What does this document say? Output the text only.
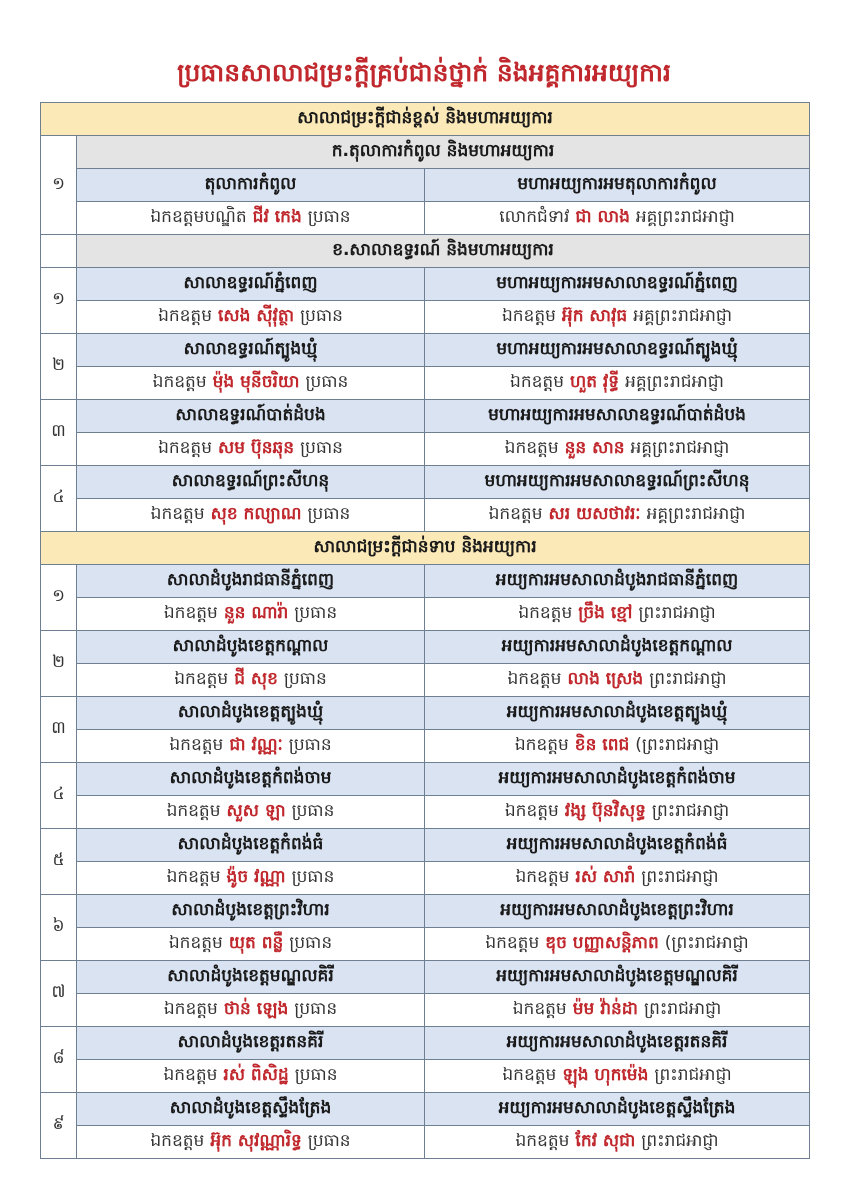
ប្រធានសាលាជម្រះក្ដីគ្រប់ជាន់ថ្នាក់ និងអគ្គការអយ្យការ
សាលាជម្រះក្ដីជាន់ខ្ពស់ និងមហាអយ្យការ		
១	ក.តុលាការកំពូល និងមហាអយ្យការ	
	តុលាការកំពូល	មហាអយ្យការអមតុលាការកំពូល
	ឯកឧត្តមបណ្ឌិត ជីវ កេង ប្រធាន	លោកជំទាវ ជា លាង អគ្គព្រះរាជអាជ្ញា
	ខ.សាលាឧទ្ធរណ៍ និងមហាអយ្យការ	
១	សាលាឧទ្ធរណ៍ភ្នំពេញ	មហាអយ្យការអមសាលាឧទ្ធរណ៍ភ្នំពេញ
	ឯកឧត្តម សេង ស៊ីវុត្ថា ប្រធាន	ឯកឧត្តម អ៊ុក សាវុធ អគ្គព្រះរាជអាជ្ញា
២	សាលាឧទ្ធរណ៍ត្បូងឃ្មុំ	មហាអយ្យការអមសាលាឧទ្ធរណ៍ត្បូងឃ្មុំ
	ឯកឧត្តម ម៉ុង មុនីចរិយា ប្រធាន	ឯកឧត្តម ហួត វុទ្ធី អគ្គព្រះរាជអាជ្ញា
៣	សាលាឧទ្ធរណ៍បាត់ដំបង	មហាអយ្យការអមសាលាឧទ្ធរណ៍បាត់ដំបង
	ឯកឧត្តម សម ប៊ុនឆុន ប្រធាន	ឯកឧត្តម នួន សាន អគ្គព្រះរាជអាជ្ញា
៤	សាលាឧទ្ធរណ៍ព្រះសីហនុ	មហាអយ្យការអមសាលាឧទ្ធរណ៍ព្រះសីហនុ
	ឯកឧត្តម សុខ កល្យាណ ប្រធាន	ឯកឧត្តម សរ យសថាវរៈ អគ្គព្រះរាជអាជ្ញា
សាលាជម្រះក្ដីជាន់ទាប និងអយ្យការ		
១	សាលាដំបូងរាជធានីភ្នំពេញ	អយ្យការអមសាលាដំបូងរាជធានីភ្នំពេញ
	ឯកឧត្តម នួន ណារ៉ា ប្រធាន	ឯកឧត្តម ច្រឹង ខ្មៅ ព្រះរាជអាជ្ញា
២	សាលាដំបូងខេត្តកណ្ដាល	អយ្យការអមសាលាដំបូងខេត្តកណ្ដាល
	ឯកឧត្តម ជី សុខ ប្រធាន	ឯកឧត្តម លាង ស្រេង ព្រះរាជអាជ្ញា
៣	សាលាដំបូងខេត្តត្បូងឃ្មុំ	អយ្យការអមសាលាដំបូងខេត្តត្បូងឃ្មុំ
	ឯកឧត្តម ជា វណ្ណៈ ប្រធាន	ឯកឧត្តម ខិន ពេជ (ព្រះរាជអាជ្ញា
៤	សាលាដំបូងខេត្តកំពង់ចាម	អយ្យការអមសាលាដំបូងខេត្តកំពង់ចាម
	ឯកឧត្តម សួស ឡា ប្រធាន	ឯកឧត្តម វង្ស ប៊ុនវិសុទ្ធ ព្រះរាជអាជ្ញា
៥	សាលាដំបូងខេត្តកំពង់ធំ	អយ្យការអមសាលាដំបូងខេត្តកំពង់ធំ
	ឯកឧត្តម ង៉ូច វណ្ណា ប្រធាន	ឯកឧត្តម រស់ សារាំ ព្រះរាជអាជ្ញា
៦	សាលាដំបូងខេត្តព្រះវិហារ	អយ្យការអមសាលាដំបូងខេត្តព្រះវិហារ
	ឯកឧត្តម យុត ពន្លឺ ប្រធាន	ឯកឧត្តម ឌុច បញ្ញាសន្តិភាព (ព្រះរាជអាជ្ញា
៧	សាលាដំបូងខេត្តមណ្ឌលគិរី	អយ្យការអមសាលាដំបូងខេត្តមណ្ឌលគិរី
	ឯកឧត្តម ថាន់ ឡេង ប្រធាន	ឯកឧត្តម ម៉ម វ៉ាន់ដា ព្រះរាជអាជ្ញា
៨	សាលាដំបូងខេត្តរតនគិរី	អយ្យការអមសាលាដំបូងខេត្តរតនគិរី
	ឯកឧត្តម រស់ ពិសិដ្ឋ ប្រធាន	ឯកឧត្តម ឡុង ហុកម៉េង ព្រះរាជអាជ្ញា
៩	សាលាដំបូងខេត្តស្ទឹងត្រែង	អយ្យការអមសាលាដំបូងខេត្តស្ទឹងត្រែង
	ឯកឧត្តម អ៊ុក សុវណ្ណារិទ្ធ ប្រធាន	ឯកឧត្តម កែវ សុជា ព្រះរាជអាជ្ញា
